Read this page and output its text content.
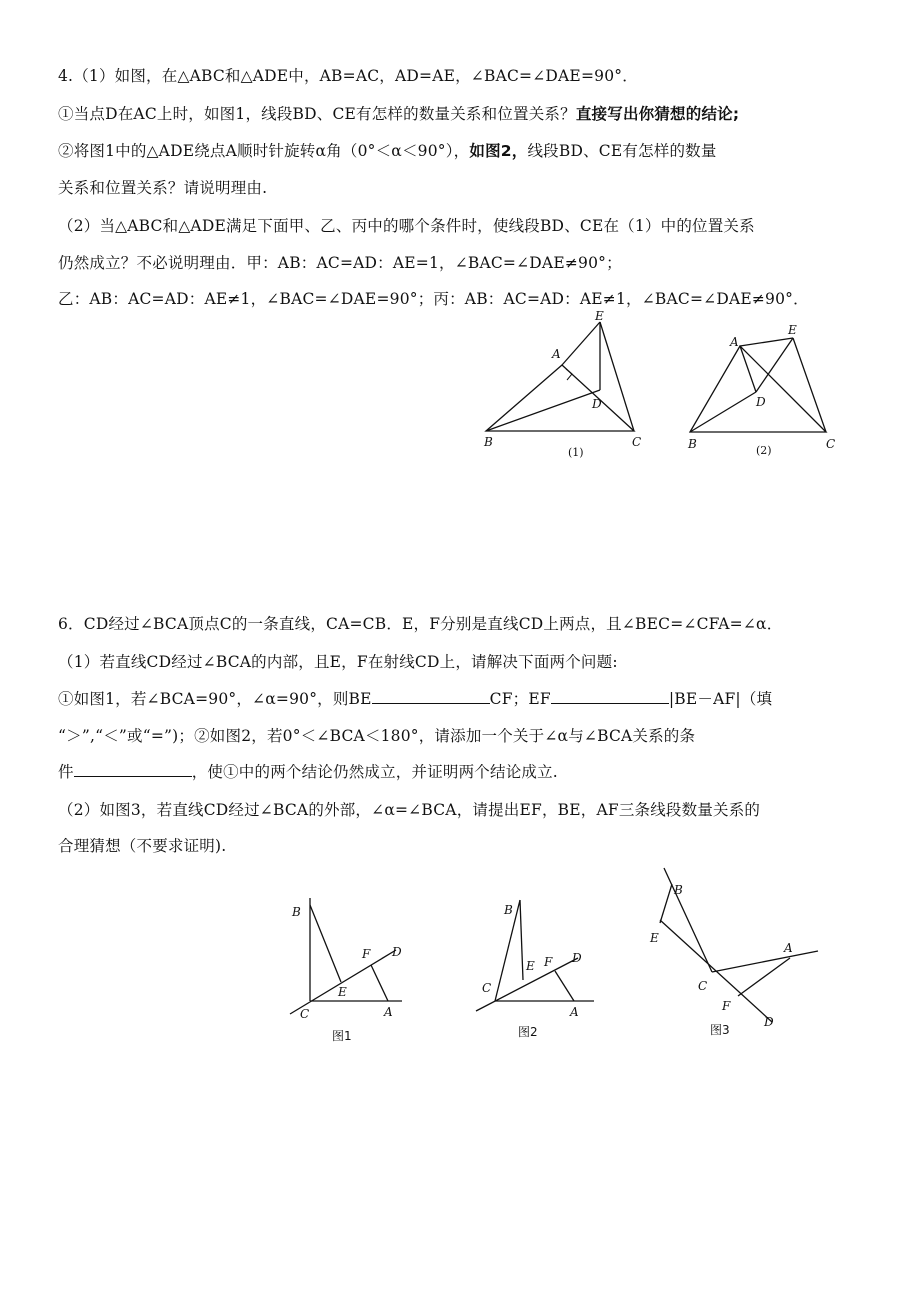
4.（1）如图，在△ABC和△ADE中，AB=AC，AD=AE，∠BAC=∠DAE=90°．
①当点D在AC上时，如图1，线段BD、CE有怎样的数量关系和位置关系？直接写出你猜想的结论;
②将图1中的△ADE绕点A顺时针旋转α角（0°＜α＜90°），如图2，线段BD、CE有怎样的数量
关系和位置关系？请说明理由.
（2）当△ABC和△ADE满足下面甲、乙、丙中的哪个条件时，使线段BD、CE在（1）中的位置关系
仍然成立？不必说明理由．甲：AB：AC=AD：AE=1，∠BAC=∠DAE≠90°；
乙：AB：AC=AD：AE≠1，∠BAC=∠DAE=90°；丙：AB：AC=AD：AE≠1，∠BAC=∠DAE≠90°．
6．CD经过∠BCA顶点C的一条直线，CA=CB．E，F分别是直线CD上两点，且∠BEC=∠CFA=∠α．
（1）若直线CD经过∠BCA的内部，且E，F在射线CD上，请解决下面两个问题:
①如图1，若∠BCA=90°，∠α=90°，则BE	CF；EF	|BE－AF|（填
“＞”,“＜”或“=”)；②如图2，若0°＜∠BCA＜180°，请添加一个关于∠α与∠BCA关系的条
件	，使①中的两个结论仍然成立，并证明两个结论成立.
（2）如图3，若直线CD经过∠BCA的外部，∠α=∠BCA，请提出EF，BE，AF三条线段数量关系的
合理猜想（不要求证明).
E
A
D
B	C
(1)
A
E
D
B	C
(2)
B
F D
E
C	A
图1
B
E F D
C
A
图2
B
E
A
C
F
D
图3
